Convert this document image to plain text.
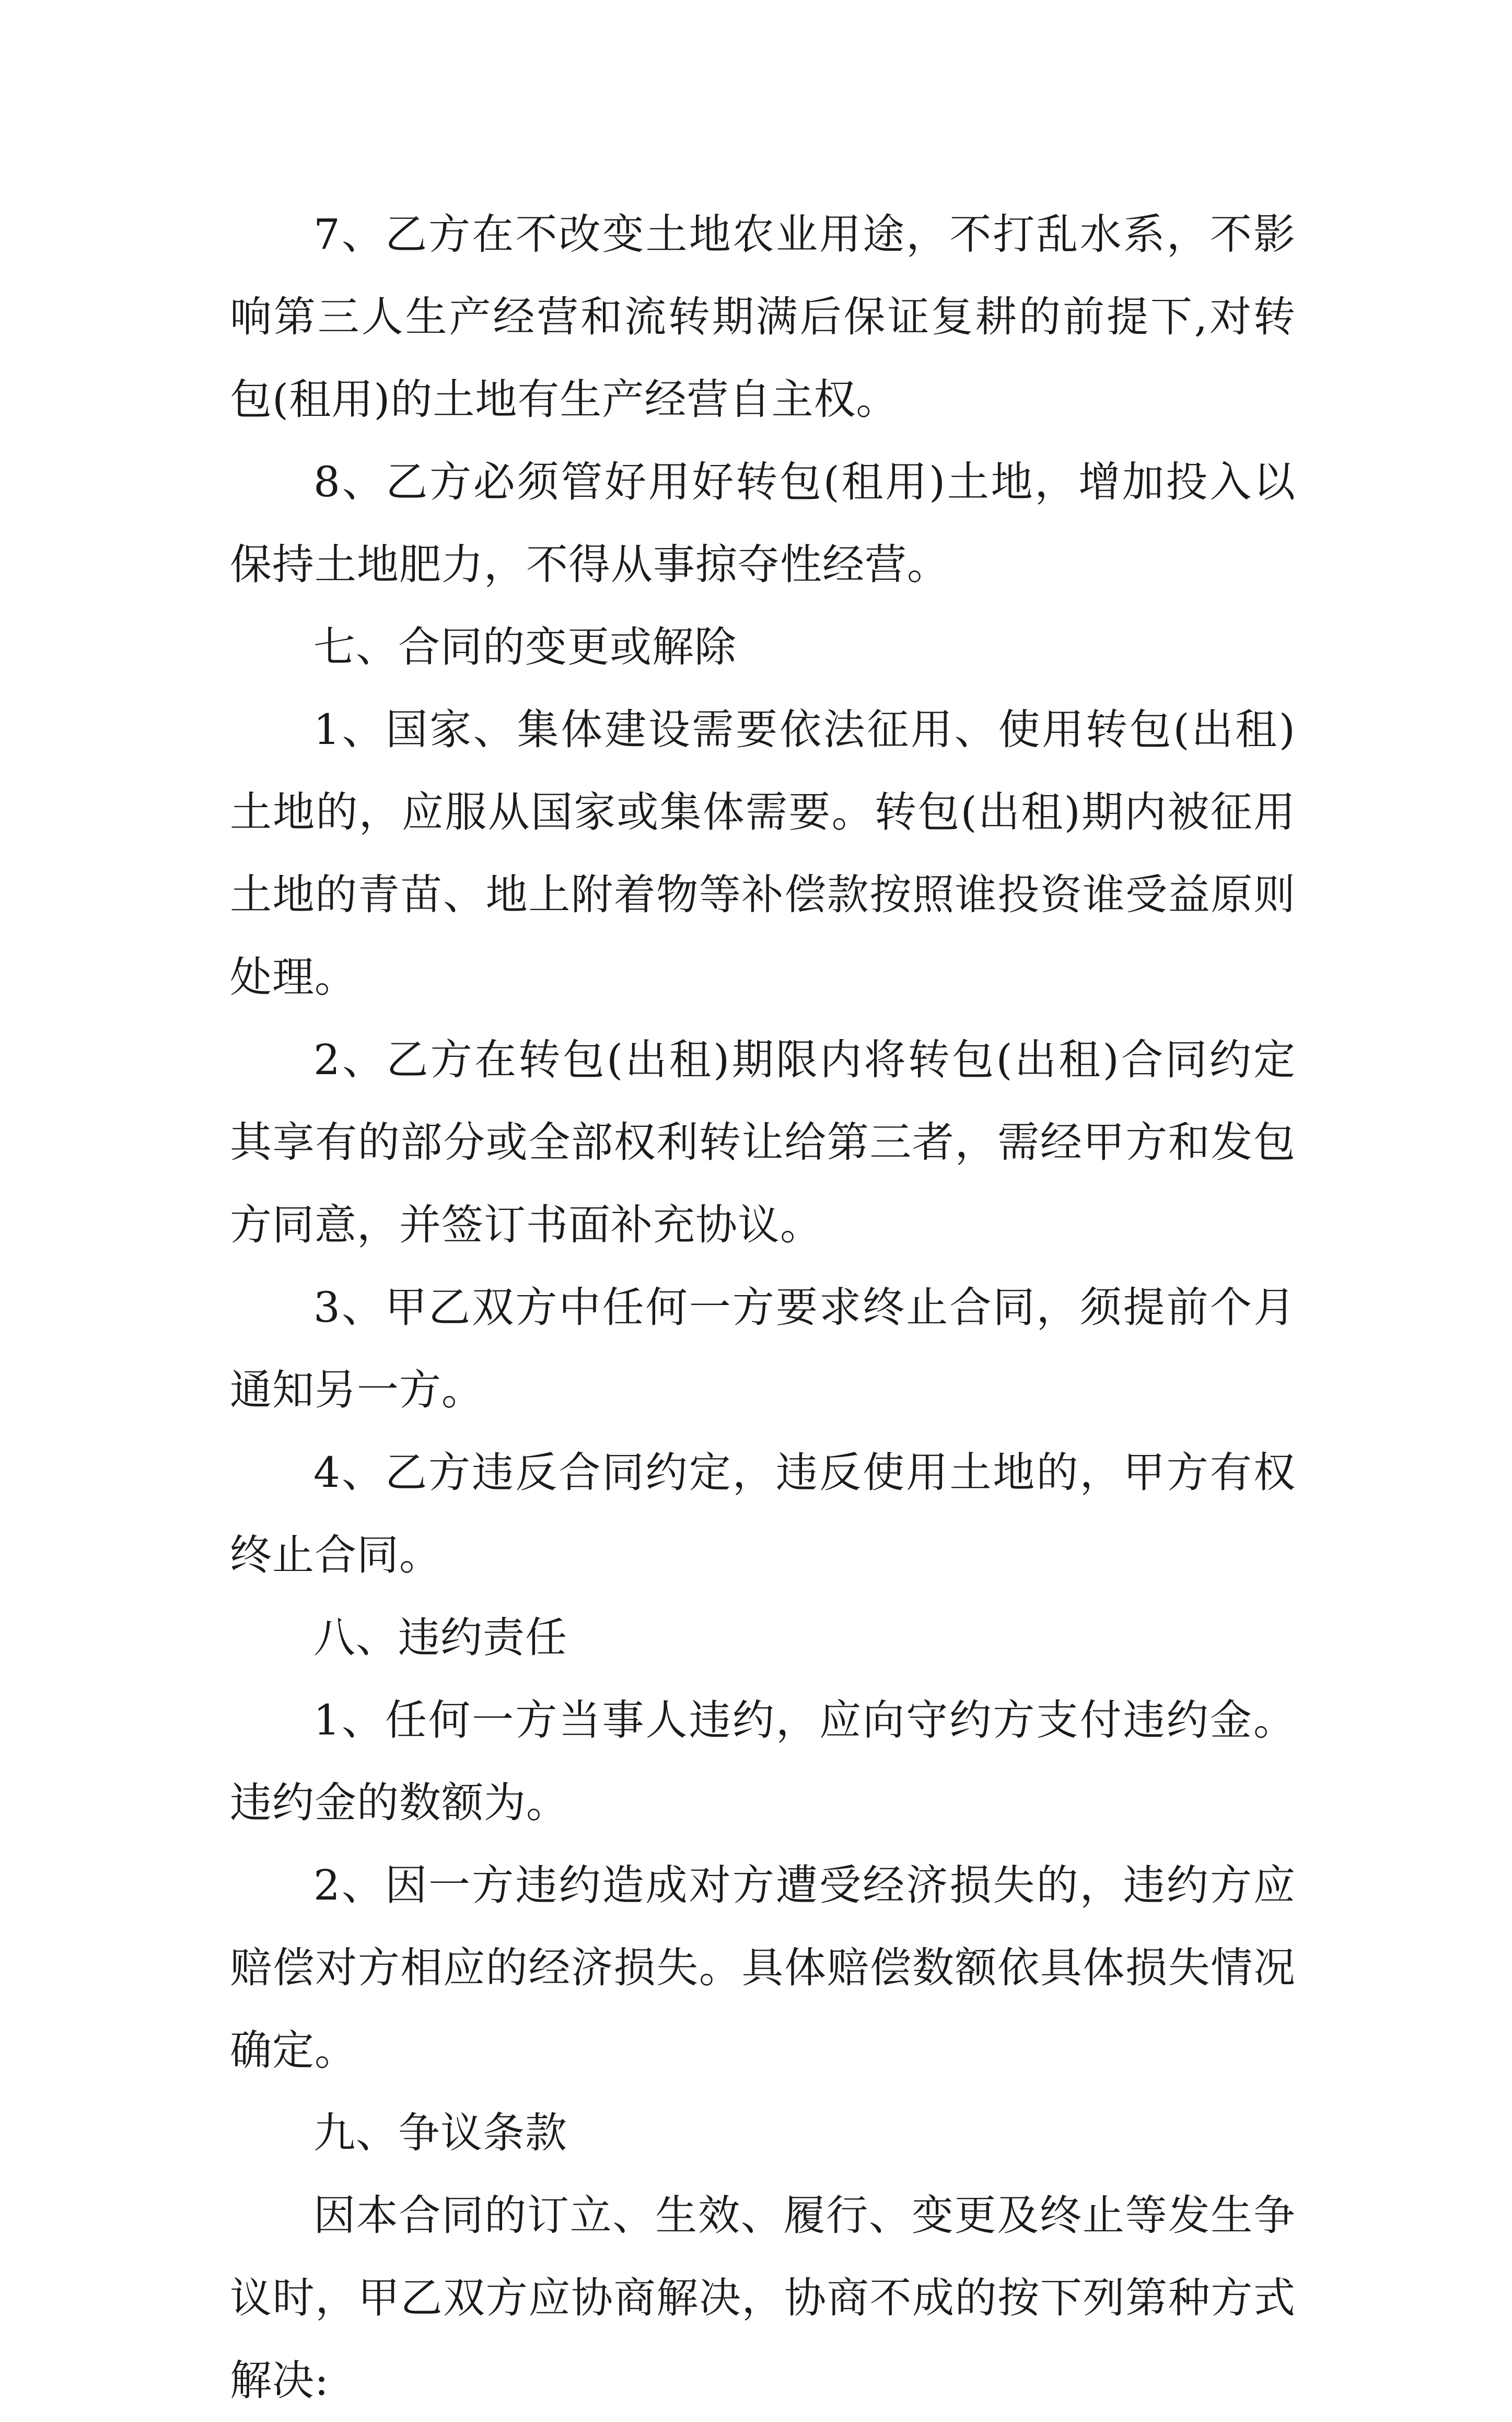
7、乙方在不改变土地农业用途，不打乱水系，不影响第三人生产经营和流转期满后保证复耕的前提下,对转包(租用)的土地有生产经营自主权。

8、乙方必须管好用好转包(租用)土地，增加投入以保持土地肥力，不得从事掠夺性经营。

七、合同的变更或解除

1、国家、集体建设需要依法征用、使用转包(出租)土地的，应服从国家或集体需要。转包(出租)期内被征用土地的青苗、地上附着物等补偿款按照谁投资谁受益原则处理。

2、乙方在转包(出租)期限内将转包(出租)合同约定其享有的部分或全部权利转让给第三者，需经甲方和发包方同意，并签订书面补充协议。

3、甲乙双方中任何一方要求终止合同，须提前个月通知另一方。

4、乙方违反合同约定，违反使用土地的，甲方有权终止合同。

八、违约责任

1、任何一方当事人违约，应向守约方支付违约金。违约金的数额为。

2、因一方违约造成对方遭受经济损失的，违约方应赔偿对方相应的经济损失。具体赔偿数额依具体损失情况确定。

九、争议条款

因本合同的订立、生效、履行、变更及终止等发生争议时，甲乙双方应协商解决，协商不成的按下列第种方式解决:
